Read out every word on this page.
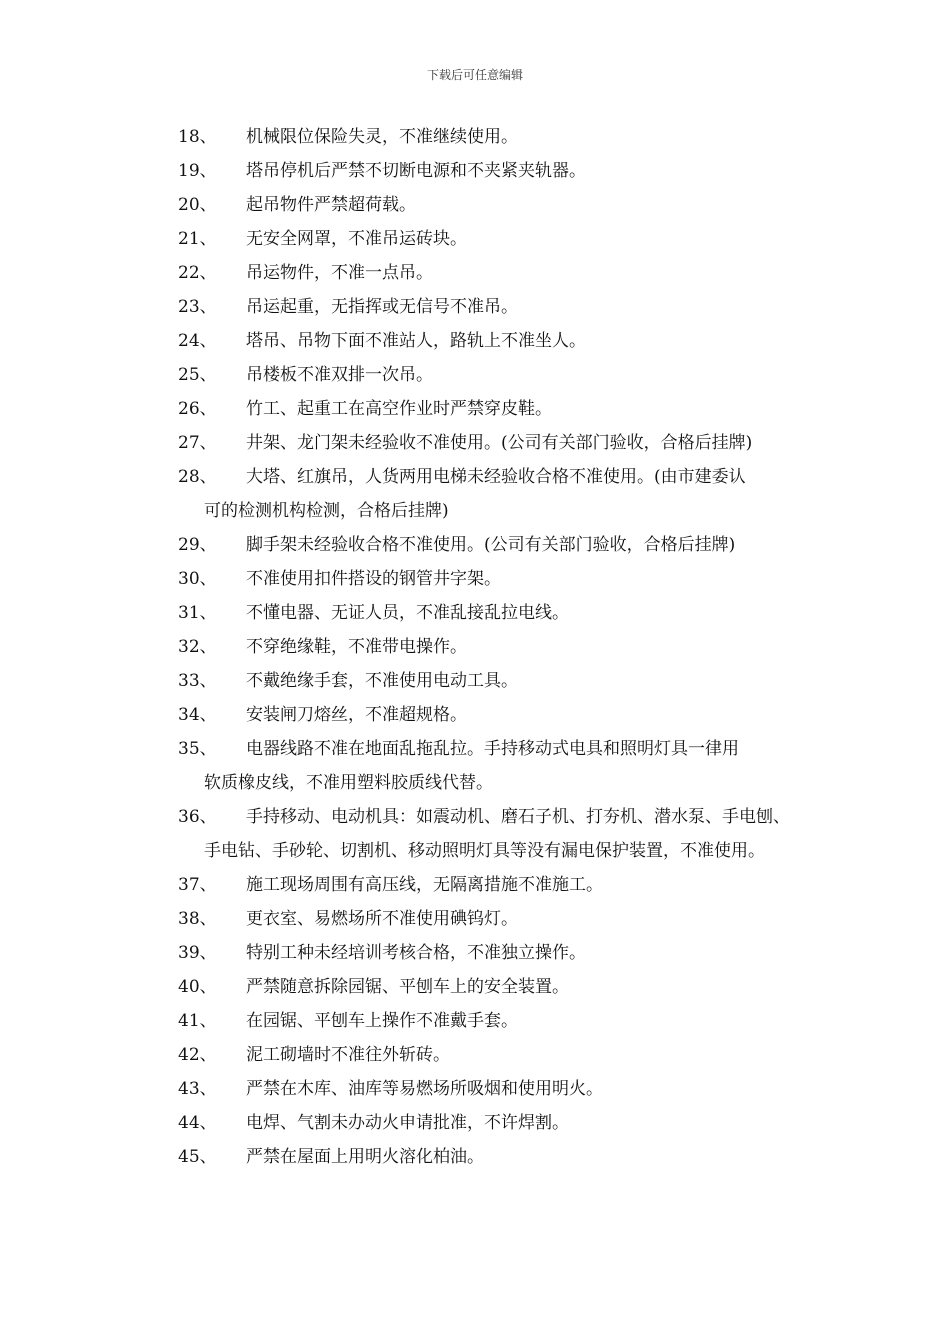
下载后可任意编辑
18、 机械限位保险失灵，不准继续使用。
19、 塔吊停机后严禁不切断电源和不夹紧夹轨器。
20、 起吊物件严禁超荷载。
21、 无安全网罩，不准吊运砖块。
22、 吊运物件，不准一点吊。
23、 吊运起重，无指挥或无信号不准吊。
24、 塔吊、吊物下面不准站人，路轨上不准坐人。
25、 吊楼板不准双排一次吊。
26、 竹工、起重工在高空作业时严禁穿皮鞋。
27、 井架、龙门架未经验收不准使用。(公司有关部门验收，合格后挂牌)
28、 大塔、红旗吊，人货两用电梯未经验收合格不准使用。(由市建委认
可的检测机构检测，合格后挂牌)
29、 脚手架未经验收合格不准使用。(公司有关部门验收，合格后挂牌)
30、 不准使用扣件搭设的钢管井字架。
31、 不懂电器、无证人员，不准乱接乱拉电线。
32、 不穿绝缘鞋，不准带电操作。
33、 不戴绝缘手套，不准使用电动工具。
34、 安装闸刀熔丝，不准超规格。
35、 电器线路不准在地面乱拖乱拉。手持移动式电具和照明灯具一律用
软质橡皮线，不准用塑料胶质线代替。
36、 手持移动、电动机具：如震动机、磨石子机、打夯机、潜水泵、手电刨、
手电钻、手砂轮、切割机、移动照明灯具等没有漏电保护装置，不准使用。
37、 施工现场周围有高压线，无隔离措施不准施工。
38、 更衣室、易燃场所不准使用碘钨灯。
39、 特别工种未经培训考核合格，不准独立操作。
40、 严禁随意拆除园锯、平刨车上的安全装置。
41、 在园锯、平刨车上操作不准戴手套。
42、 泥工砌墙时不准往外斩砖。
43、 严禁在木库、油库等易燃场所吸烟和使用明火。
44、 电焊、气割未办动火申请批准，不许焊割。
45、 严禁在屋面上用明火溶化柏油。
